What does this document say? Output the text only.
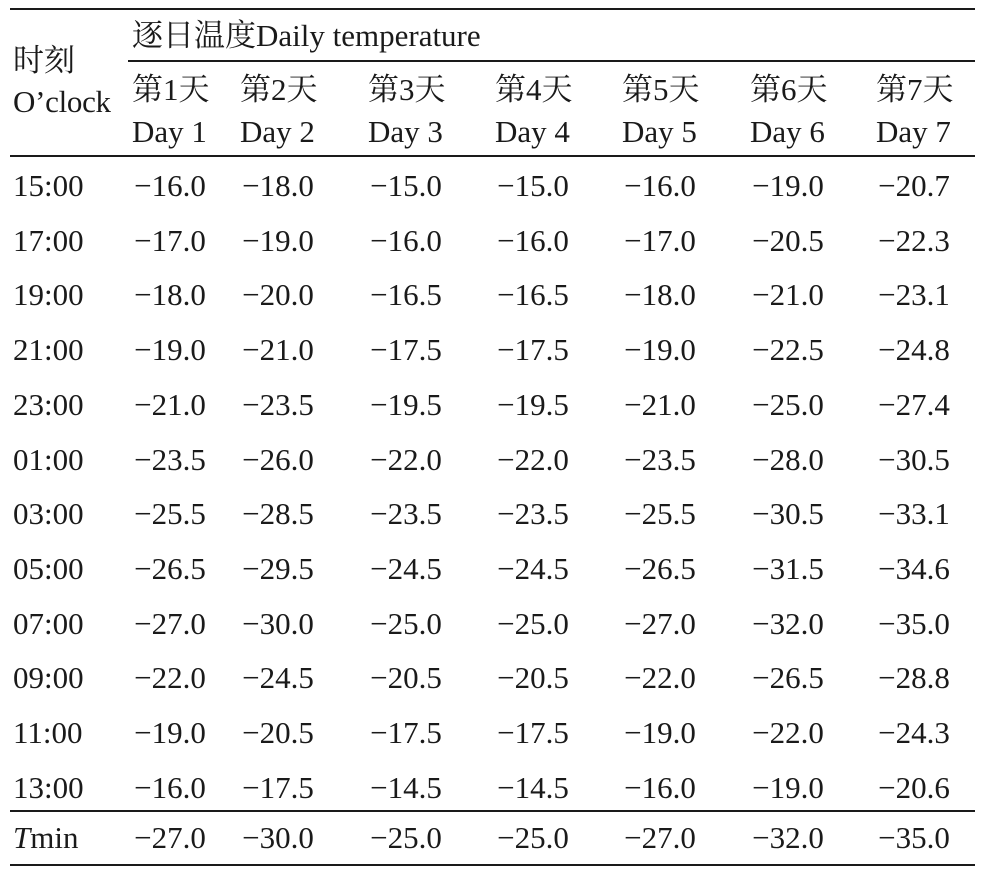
时刻
O’clock
逐日温度Daily temperature
第1天
Day 1
第2天
Day 2
第3天
Day 3
第4天
Day 4
第5天
Day 5
第6天
Day 6
第7天
Day 7
15:00 −16.0 −18.0 −15.0 −15.0 −16.0 −19.0 −20.7
17:00 −17.0 −19.0 −16.0 −16.0 −17.0 −20.5 −22.3
19:00 −18.0 −20.0 −16.5 −16.5 −18.0 −21.0 −23.1
21:00 −19.0 −21.0 −17.5 −17.5 −19.0 −22.5 −24.8
23:00 −21.0 −23.5 −19.5 −19.5 −21.0 −25.0 −27.4
01:00 −23.5 −26.0 −22.0 −22.0 −23.5 −28.0 −30.5
03:00 −25.5 −28.5 −23.5 −23.5 −25.5 −30.5 −33.1
05:00 −26.5 −29.5 −24.5 −24.5 −26.5 −31.5 −34.6
07:00 −27.0 −30.0 −25.0 −25.0 −27.0 −32.0 −35.0
09:00 −22.0 −24.5 −20.5 −20.5 −22.0 −26.5 −28.8
11:00 −19.0 −20.5 −17.5 −17.5 −19.0 −22.0 −24.3
13:00 −16.0 −17.5 −14.5 −14.5 −16.0 −19.0 −20.6
Tmin −27.0 −30.0 −25.0 −25.0 −27.0 −32.0 −35.0
